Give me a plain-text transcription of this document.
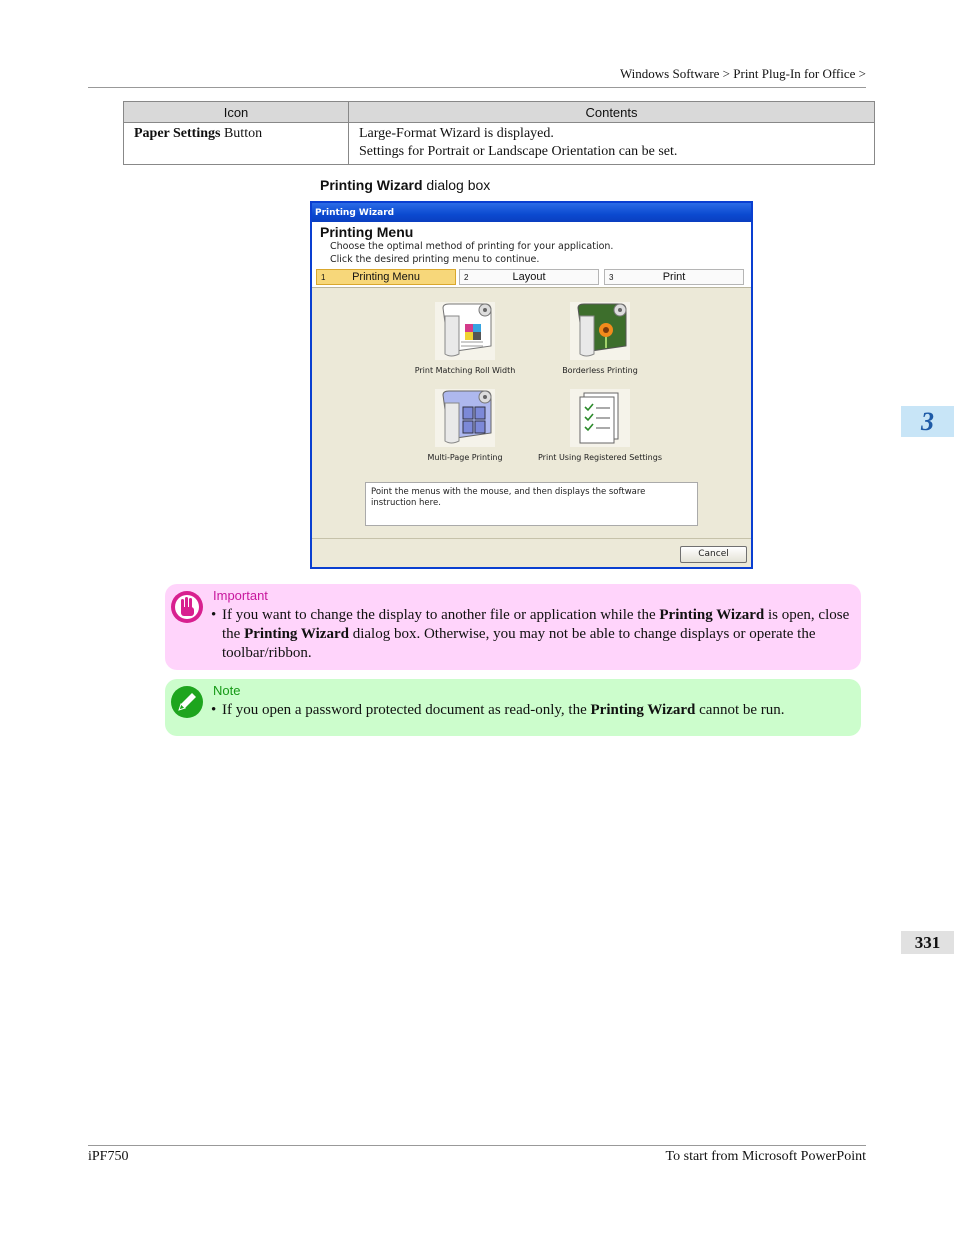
Windows Software > Print Plug-In for Office >
Icon	Contents
Paper Settings Button	Large-Format Wizard is displayed.
Settings for Portrait or Landscape Orientation can be set.
Printing Wizard dialog box
Printing Wizard
Printing Menu
Choose the optimal method of printing for your application.
Click the desired printing menu to continue.
1	Printing Menu	2	Layout	3	Print
Print Matching Roll Width	Borderless Printing
Multi-Page Printing	Print Using Registered Settings
Point the menus with the mouse, and then displays the software instruction here.
Cancel
Important
• If you want to change the display to another file or application while the Printing Wizard is open, close the Printing Wizard dialog box. Otherwise, you may not be able to change displays or operate the toolbar/ribbon.
Note
• If you open a password protected document as read-only, the Printing Wizard cannot be run.
3
331
iPF750	To start from Microsoft PowerPoint
